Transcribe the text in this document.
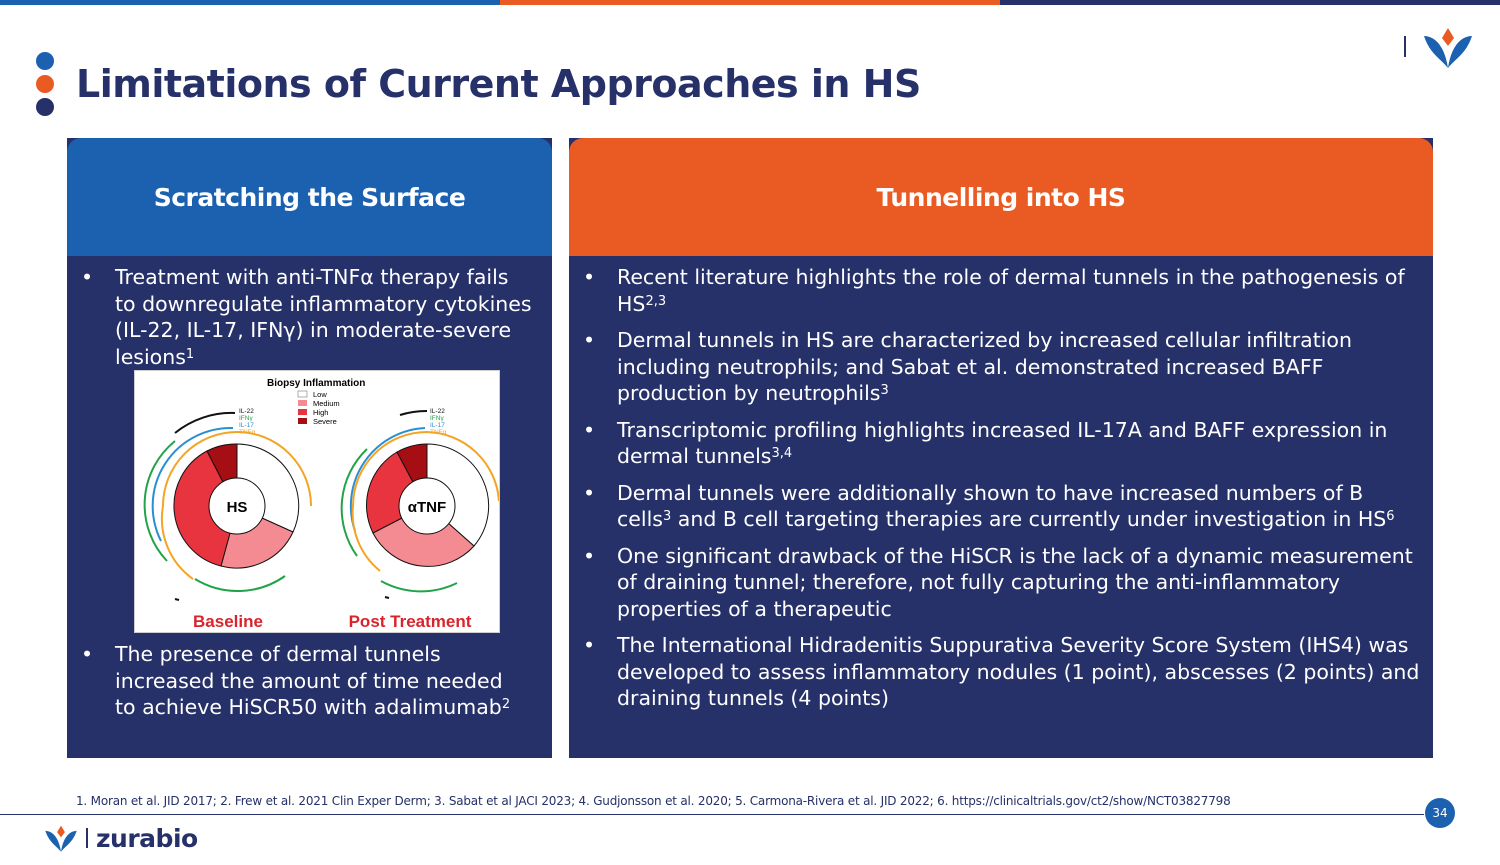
Limitations of Current Approaches in HS
Scratching the Surface
• Treatment with anti-TNFα therapy fails to downregulate inflammatory cytokines (IL-22, IL-17, IFNγ) in moderate-severe lesions$^1$
• The presence of dermal tunnels increased the amount of time needed to achieve HiSCR50 with adalimumab$^2$
Biopsy Inflammation
Low
Medium
High
Severe
IL-22
IFNγ
IL-17
TNFα
IL-22
IFNγ
IL-17
TNFα
HS	αTNF
Baseline	Post Treatment
Tunnelling into HS
• Recent literature highlights the role of dermal tunnels in the pathogenesis of HS$^{2,3}$
• Dermal tunnels in HS are characterized by increased cellular infiltration including neutrophils; and Sabat et al. demonstrated increased BAFF production by neutrophils$^3$
• Transcriptomic profiling highlights increased IL-17A and BAFF expression in dermal tunnels$^{3,4}$
• Dermal tunnels were additionally shown to have increased numbers of B cells$^3$ and B cell targeting therapies are currently under investigation in $HS^6$
• One significant drawback of the HiSCR is the lack of a dynamic measurement of draining tunnel; therefore, not fully capturing the anti-inflammatory properties of a therapeutic
• The International Hidradenitis Suppurativa Severity Score System (IHS4) was developed to assess inflammatory nodules (1 point), abscesses (2 points) and draining tunnels (4 points)
1. Moran et al. JID 2017; 2. Frew et al. 2021 Clin Exper Derm; 3. Sabat et al JACI 2023; 4. Gudjonsson et al. 2020; 5. Carmona-Rivera et al. JID 2022; 6. https://clinicaltrials.gov/ct2/show/NCT03827798
34
zurabio
